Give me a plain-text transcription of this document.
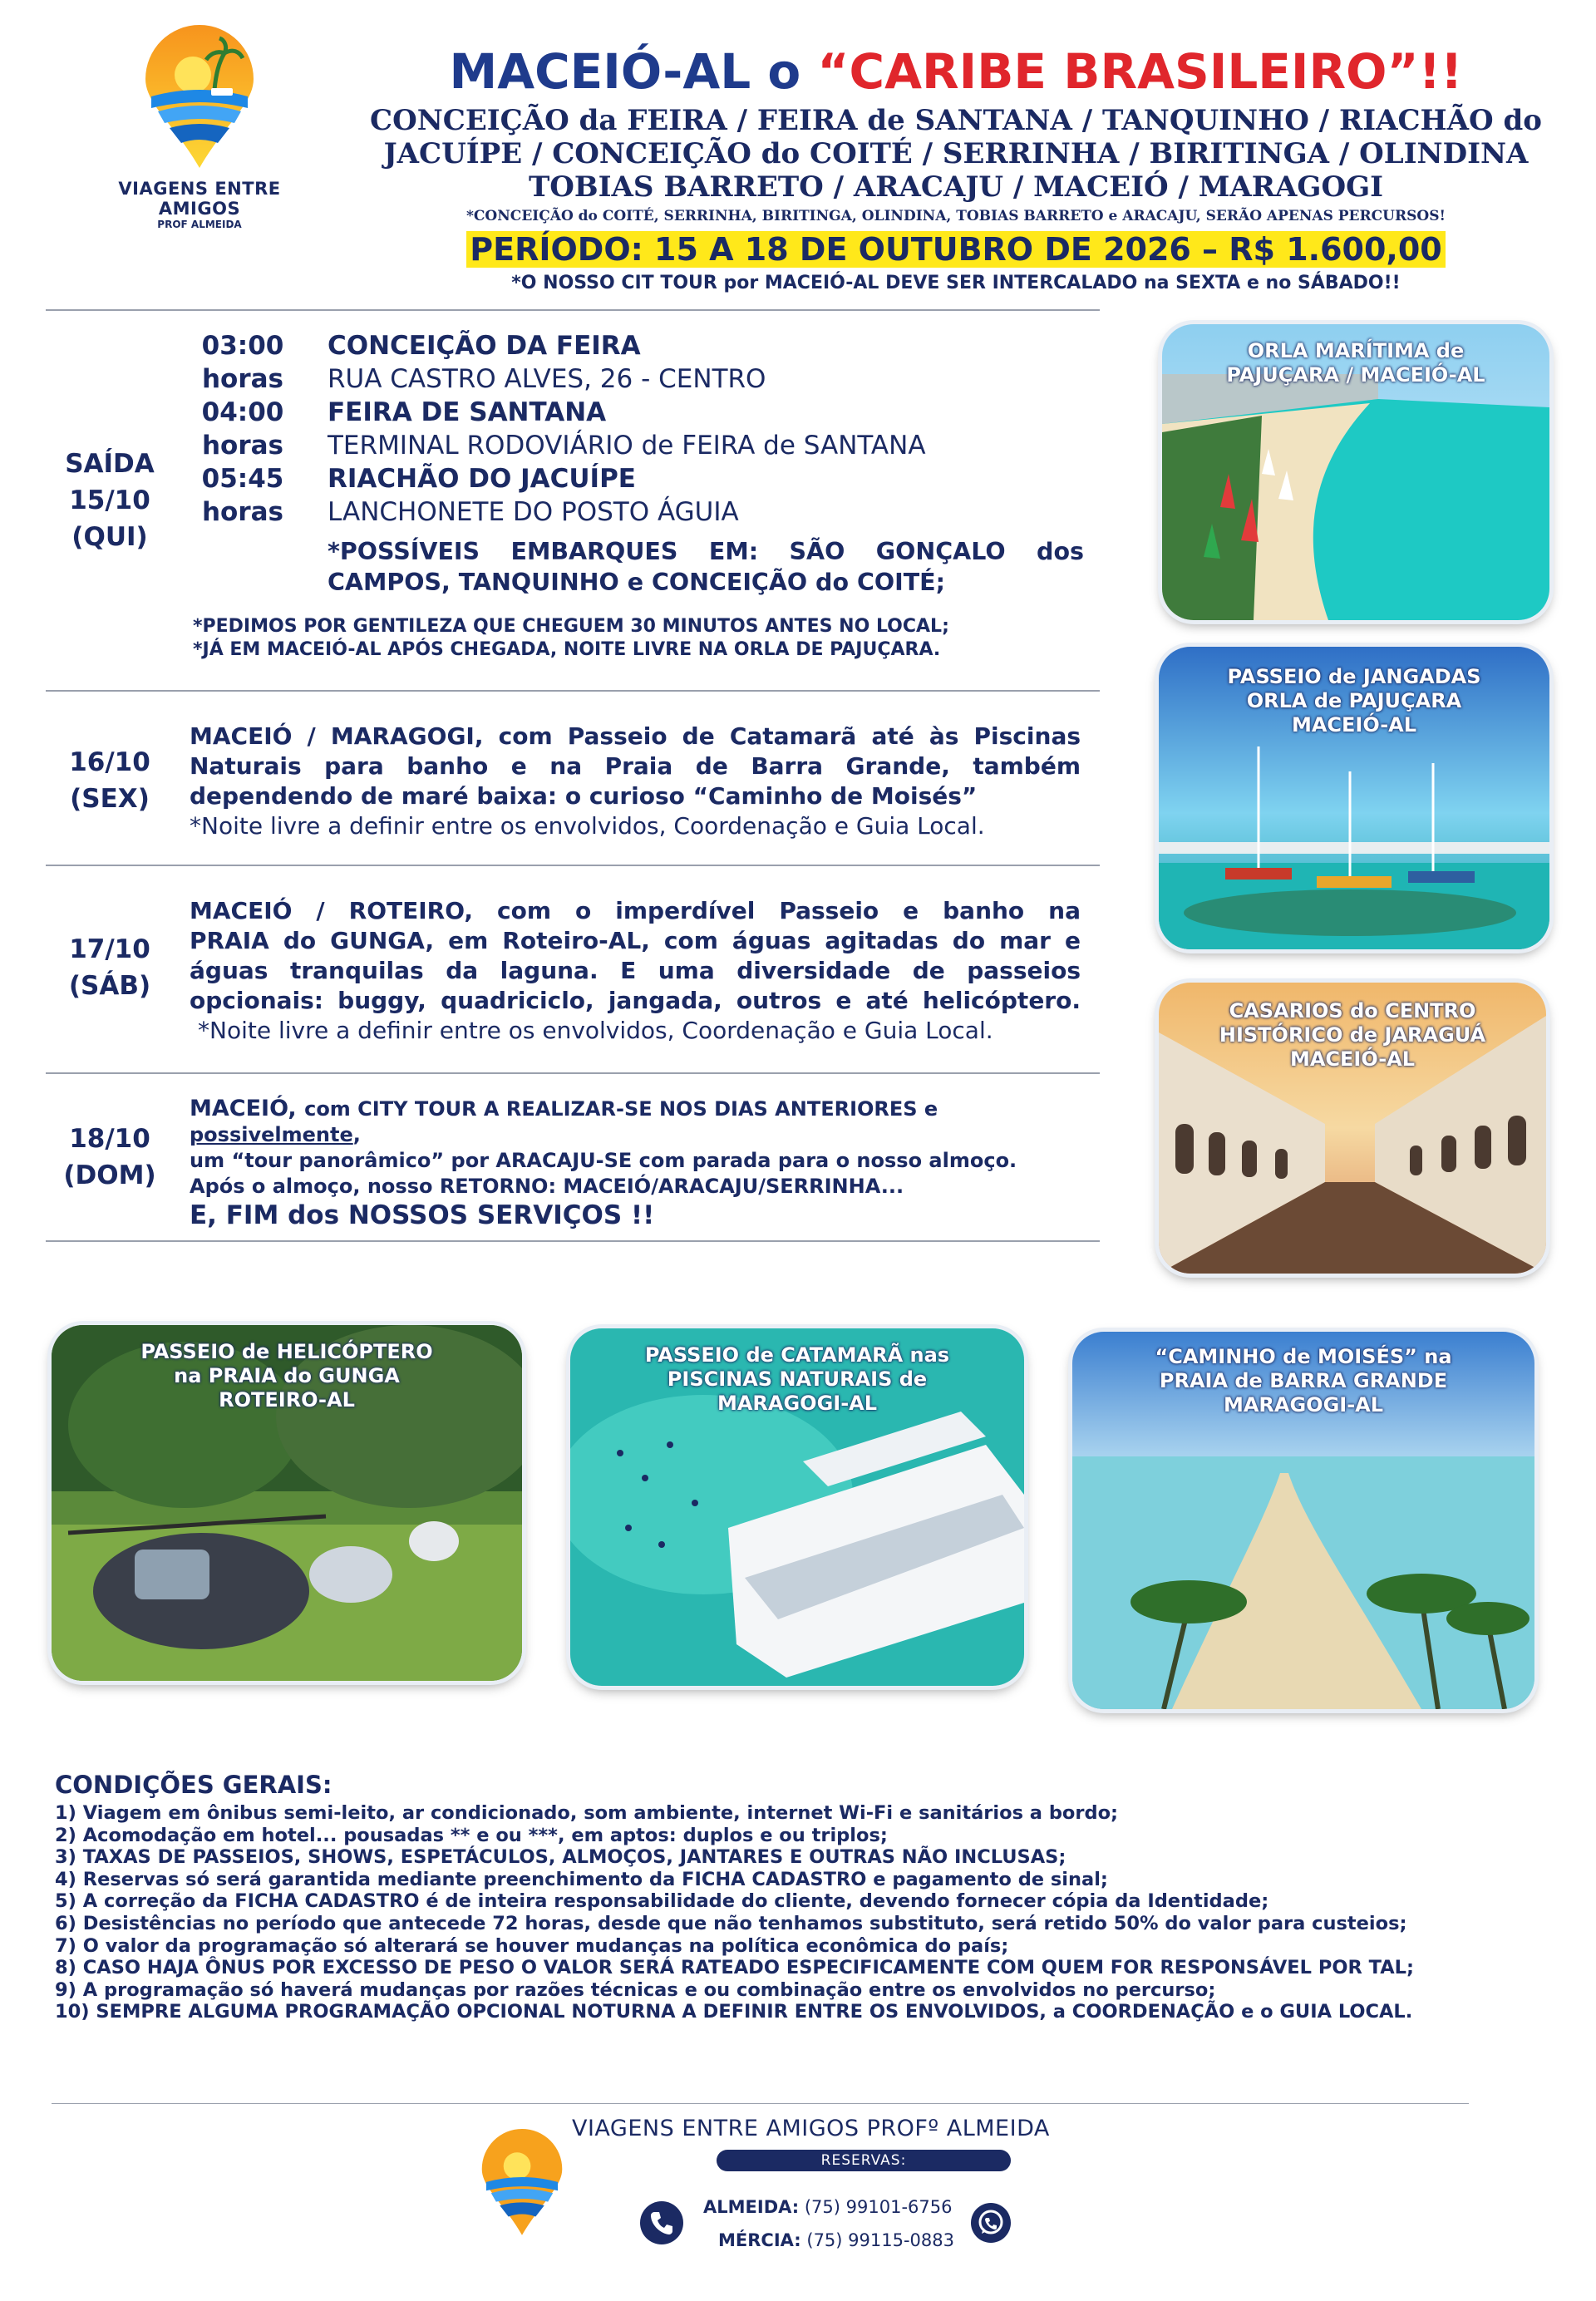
VIAGENS ENTRE AMIGOS
PROF ALMEIDA
MACEIÓ-AL o “CARIBE BRASILEIRO”!!
CONCEIÇÃO da FEIRA / FEIRA de SANTANA / TANQUINHO / RIACHÃO do
JACUÍPE / CONCEIÇÃO do COITÉ / SERRINHA / BIRITINGA / OLINDINA
TOBIAS BARRETO / ARACAJU / MACEIÓ / MARAGOGI
*CONCEIÇÃO do COITÉ, SERRINHA, BIRITINGA, OLINDINA, TOBIAS BARRETO e ARACAJU, SERÃO APENAS PERCURSOS!
PERÍODO: 15 A 18 DE OUTUBRO DE 2026 – R$ 1.600,00
*O NOSSO CIT TOUR por MACEIÓ-AL DEVE SER INTERCALADO na SEXTA e no SÁBADO!!
SAÍDA
15/10
(QUI)
03:00
horas
04:00
horas
05:45
horas
CONCEIÇÃO DA FEIRA
RUA CASTRO ALVES, 26 - CENTRO
FEIRA DE SANTANA
TERMINAL RODOVIÁRIO de FEIRA de SANTANA
RIACHÃO DO JACUÍPE
LANCHONETE DO POSTO ÁGUIA
*POSSÍVEIS EMBARQUES EM: SÃO GONÇALO dos
CAMPOS, TANQUINHO e CONCEIÇÃO do COITÉ;
*PEDIMOS POR GENTILEZA QUE CHEGUEM 30 MINUTOS ANTES NO LOCAL;
*JÁ EM MACEIÓ-AL APÓS CHEGADA, NOITE LIVRE NA ORLA DE PAJUÇARA.
16/10
(SEX)
MACEIÓ / MARAGOGI, com Passeio de Catamarã até às Piscinas
Naturais para banho e na Praia de Barra Grande, também
dependendo de maré baixa: o curioso “Caminho de Moisés”
*Noite livre a definir entre os envolvidos, Coordenação e Guia Local.
17/10
(SÁB)
MACEIÓ / ROTEIRO, com o imperdível Passeio e banho na
PRAIA do GUNGA, em Roteiro-AL, com águas agitadas do mar e
águas tranquilas da laguna. E uma diversidade de passeios
opcionais: buggy, quadriciclo, jangada, outros e até helicóptero.
*Noite livre a definir entre os envolvidos, Coordenação e Guia Local.
18/10
(DOM)
MACEIÓ, com CITY TOUR A REALIZAR-SE NOS DIAS ANTERIORES e possivelmente,
um “tour panorâmico” por ARACAJU-SE com parada para o nosso almoço.
Após o almoço, nosso RETORNO: MACEIÓ/ARACAJU/SERRINHA...
E, FIM dos NOSSOS SERVIÇOS !!
ORLA MARÍTIMA de
PAJUÇARA / MACEIÓ-AL
PASSEIO de JANGADAS
ORLA de PAJUÇARA
MACEIÓ-AL
CASARIOS do CENTRO
HISTÓRICO de JARAGUÁ
MACEIÓ-AL
PASSEIO de HELICÓPTERO
na PRAIA do GUNGA
ROTEIRO-AL
PASSEIO de CATAMARÃ nas
PISCINAS NATURAIS de
MARAGOGI-AL
“CAMINHO de MOISÉS” na
PRAIA de BARRA GRANDE
MARAGOGI-AL
CONDIÇÕES GERAIS:
1) Viagem em ônibus semi-leito, ar condicionado, som ambiente, internet Wi-Fi e sanitários a bordo;
2) Acomodação em hotel... pousadas ** e ou ***, em aptos: duplos e ou triplos;
3) TAXAS DE PASSEIOS, SHOWS, ESPETÁCULOS, ALMOÇOS, JANTARES E OUTRAS NÃO INCLUSAS;
4) Reservas só será garantida mediante preenchimento da FICHA CADASTRO e pagamento de sinal;
5) A correção da FICHA CADASTRO é de inteira responsabilidade do cliente, devendo fornecer cópia da Identidade;
6) Desistências no período que antecede 72 horas, desde que não tenhamos substituto, será retido 50% do valor para custeios;
7) O valor da programação só alterará se houver mudanças na política econômica do país;
8) CASO HAJA ÔNUS POR EXCESSO DE PESO O VALOR SERÁ RATEADO ESPECIFICAMENTE COM QUEM FOR RESPONSÁVEL POR TAL;
9) A programação só haverá mudanças por razões técnicas e ou combinação entre os envolvidos no percurso;
10) SEMPRE ALGUMA PROGRAMAÇÃO OPCIONAL NOTURNA A DEFINIR ENTRE OS ENVOLVIDOS, a COORDENAÇÃO e o GUIA LOCAL.
VIAGENS ENTRE AMIGOS PROFº ALMEIDA
RESERVAS:
ALMEIDA: (75) 99101-6756
MÉRCIA: (75) 99115-0883
